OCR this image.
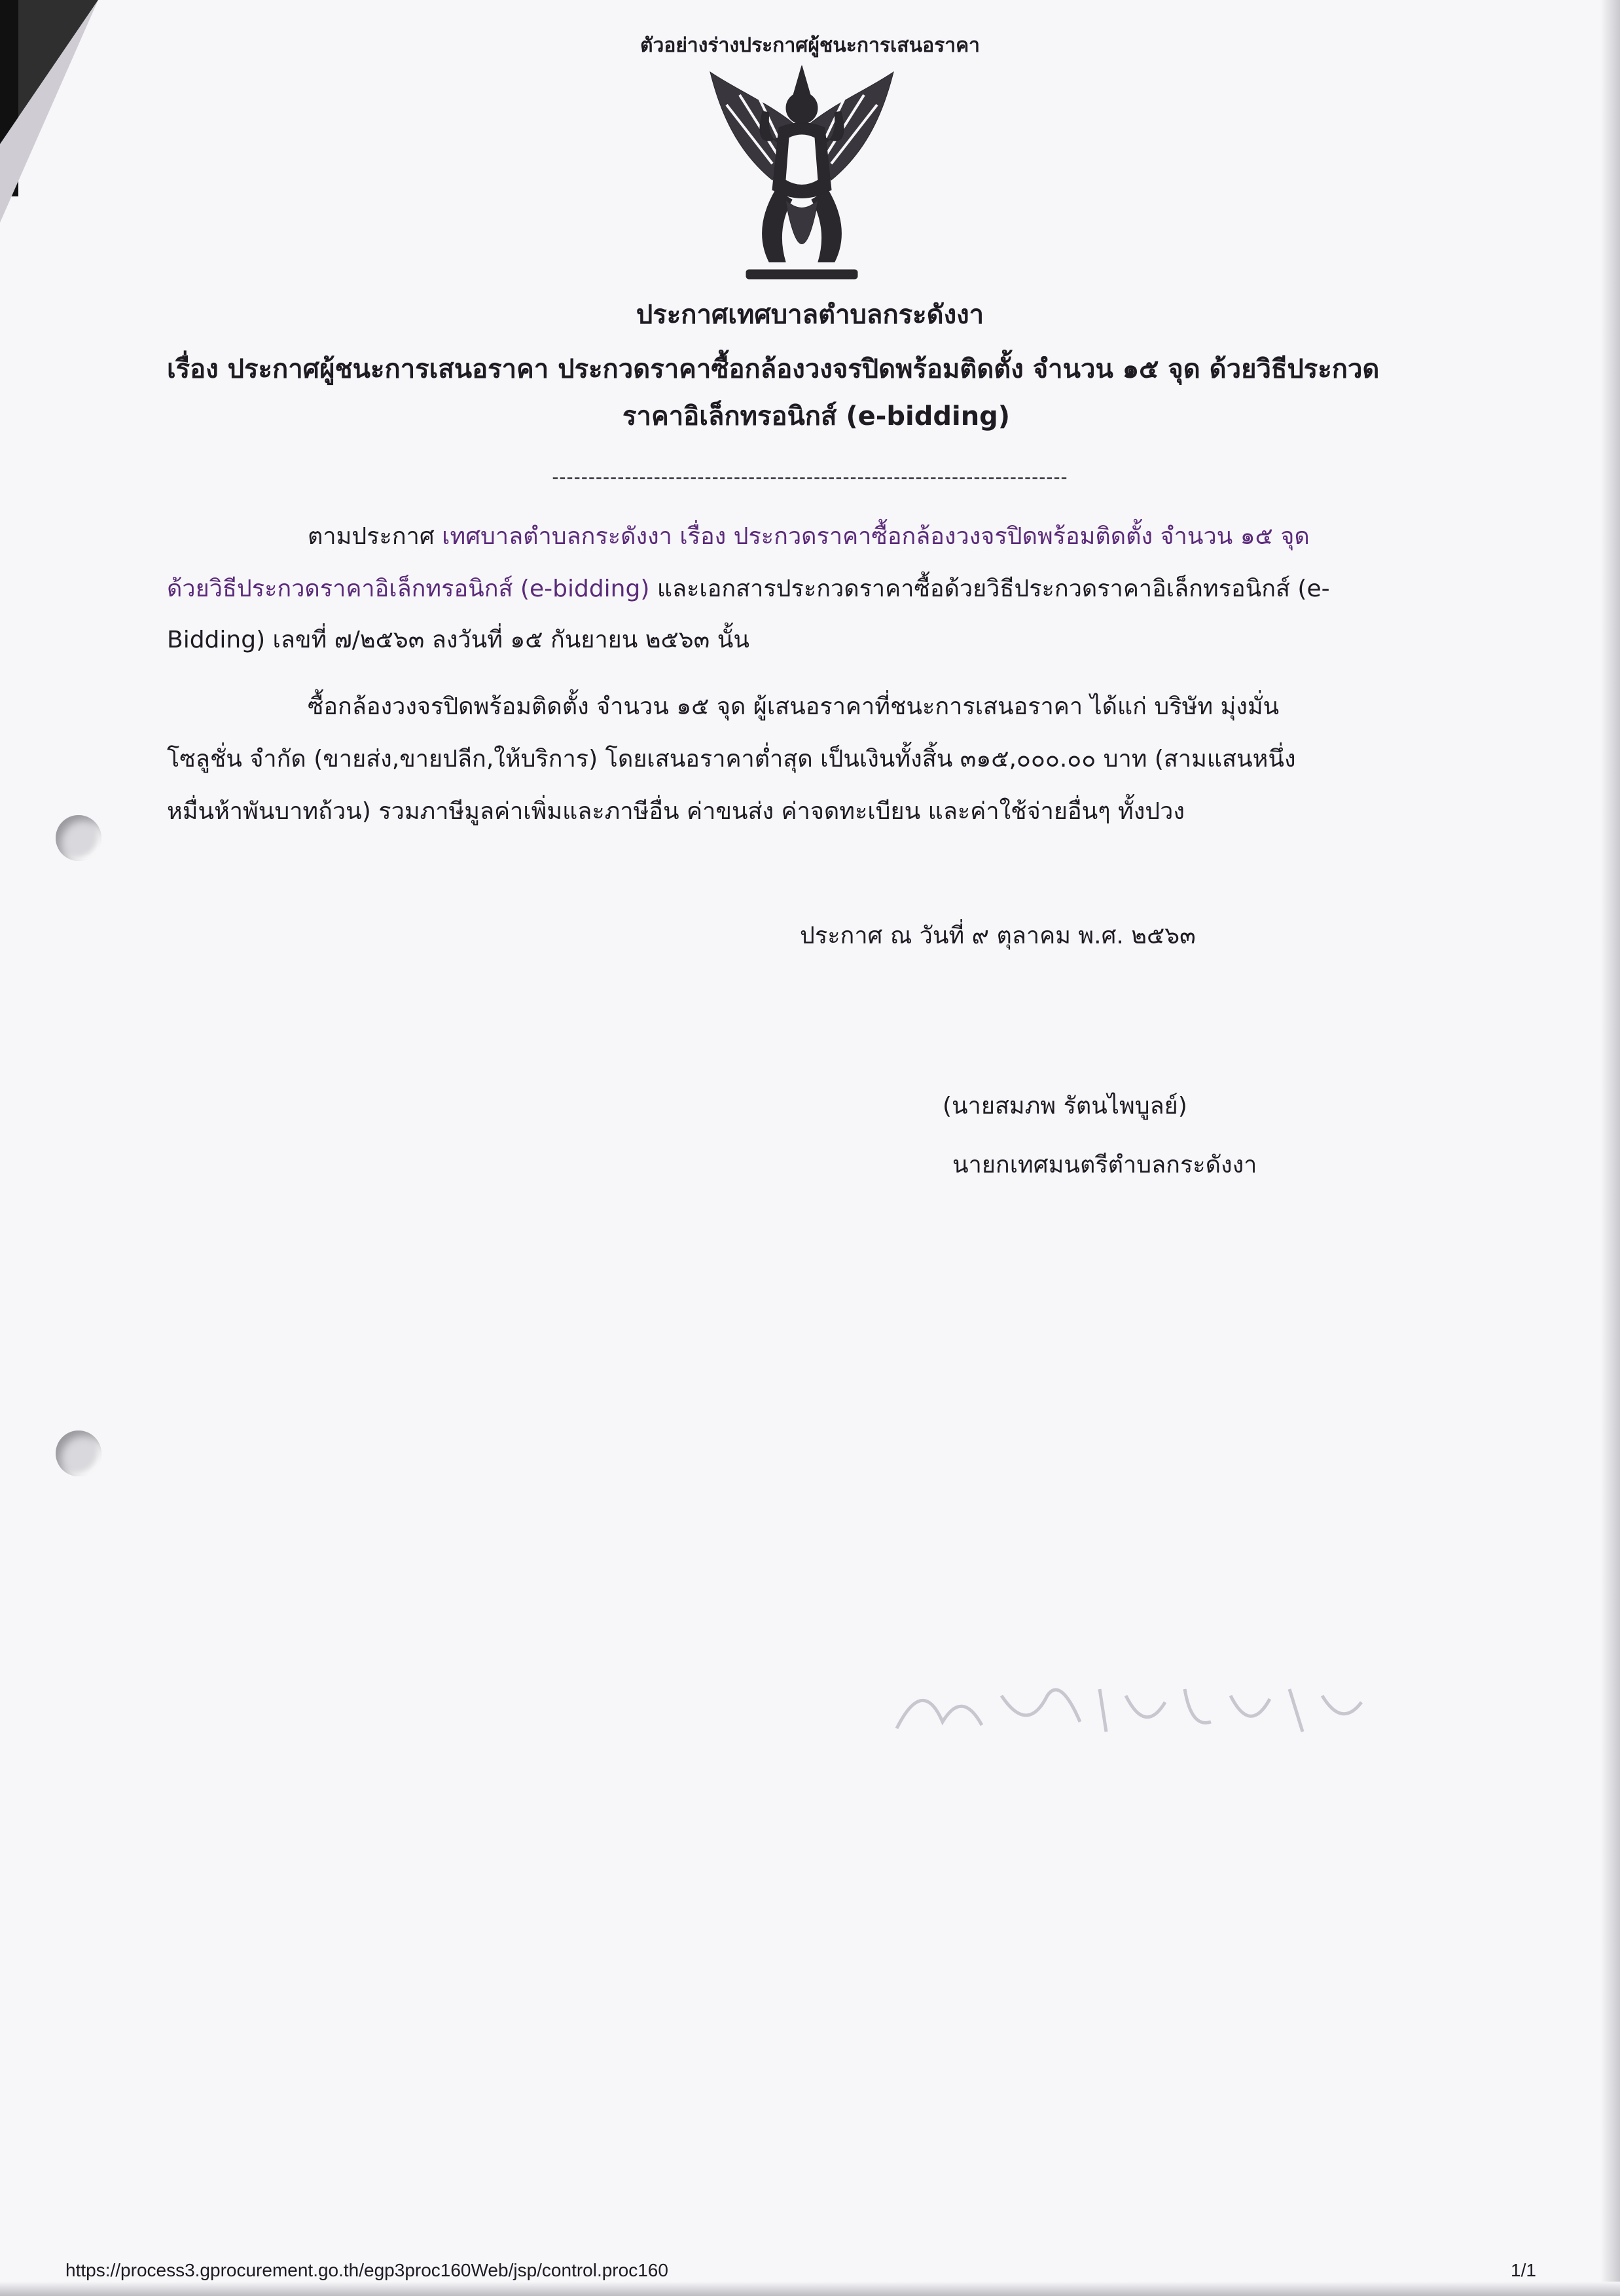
ตัวอย่างร่างประกาศผู้ชนะการเสนอราคา
ประกาศเทศบาลตำบลกระดังงา
เรื่อง ประกาศผู้ชนะการเสนอราคา ประกวดราคาซื้อกล้องวงจรปิดพร้อมติดตั้ง จำนวน ๑๕ จุด ด้วยวิธีประกวด
ราคาอิเล็กทรอนิกส์ (e-bidding)
-----------------------------------------------------------------------
ตามประกาศ เทศบาลตำบลกระดังงา เรื่อง ประกวดราคาซื้อกล้องวงจรปิดพร้อมติดตั้ง จำนวน ๑๕ จุด
ด้วยวิธีประกวดราคาอิเล็กทรอนิกส์ (e-bidding) และเอกสารประกวดราคาซื้อด้วยวิธีประกวดราคาอิเล็กทรอนิกส์ (e-
Bidding) เลขที่ ๗/๒๕๖๓ ลงวันที่ ๑๕ กันยายน ๒๕๖๓ นั้น
ซื้อกล้องวงจรปิดพร้อมติดตั้ง จำนวน ๑๕ จุด ผู้เสนอราคาที่ชนะการเสนอราคา ได้แก่ บริษัท มุ่งมั่น
โซลูชั่น จำกัด (ขายส่ง,ขายปลีก,ให้บริการ) โดยเสนอราคาต่ำสุด เป็นเงินทั้งสิ้น ๓๑๕,๐๐๐.๐๐ บาท (สามแสนหนึ่ง
หมื่นห้าพันบาทถ้วน) รวมภาษีมูลค่าเพิ่มและภาษีอื่น ค่าขนส่ง ค่าจดทะเบียน และค่าใช้จ่ายอื่นๆ ทั้งปวง
ประกาศ ณ วันที่ ๙ ตุลาคม พ.ศ. ๒๕๖๓
(นายสมภพ รัตนไพบูลย์)
นายกเทศมนตรีตำบลกระดังงา
https://process3.gprocurement.go.th/egp3proc160Web/jsp/control.proc160	1/1
